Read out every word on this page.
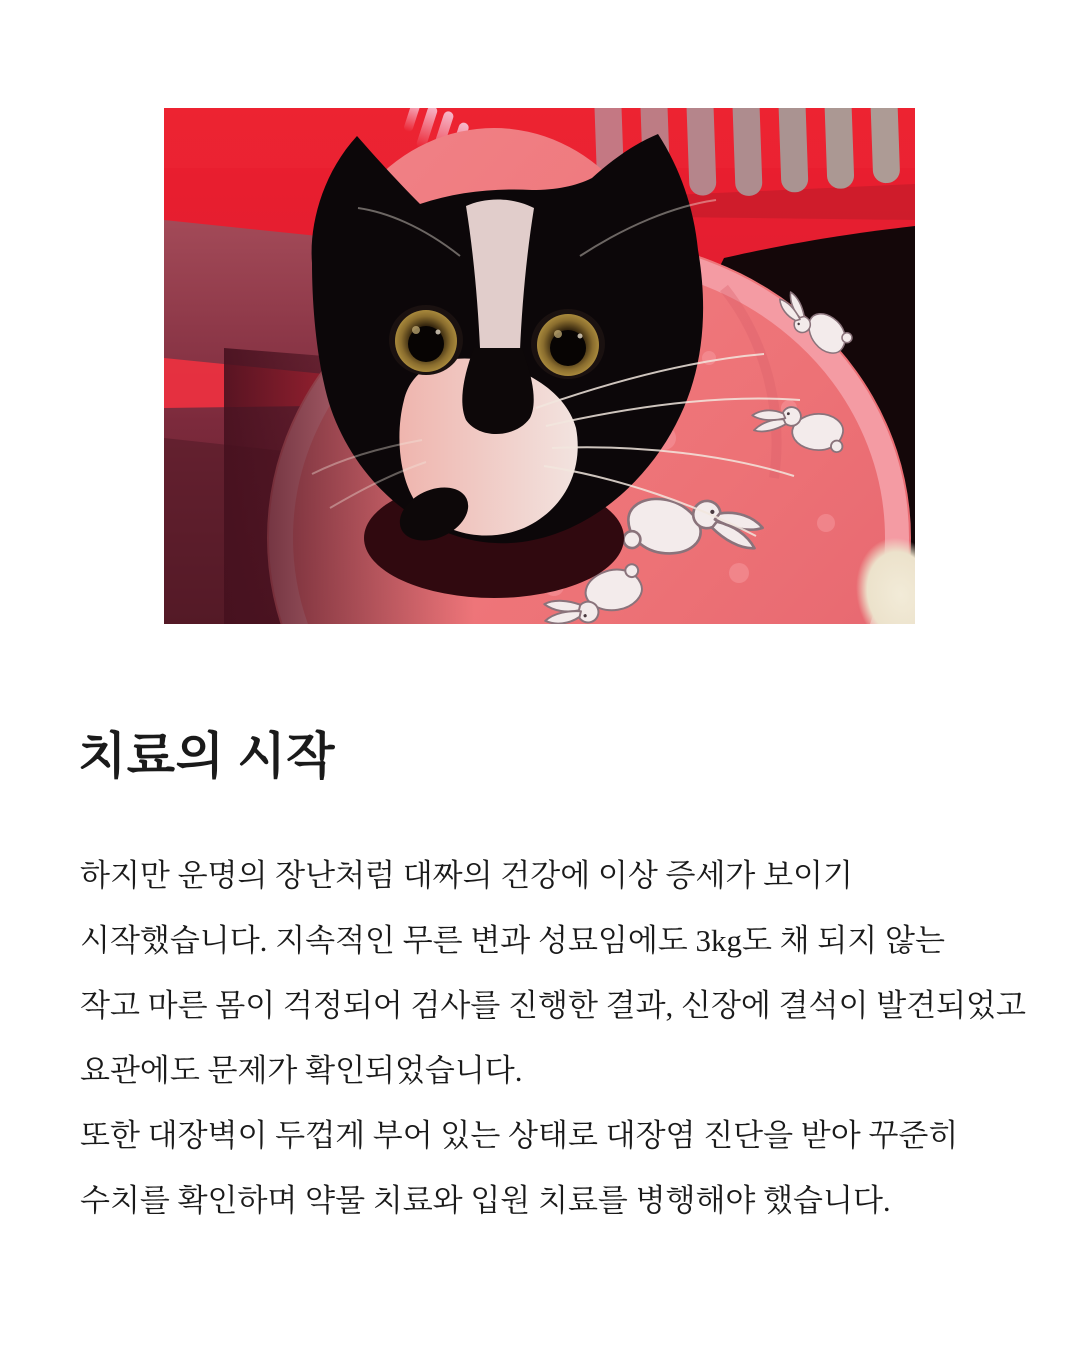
치료의 시작
하지만 운명의 장난처럼 대짜의 건강에 이상 증세가 보이기
시작했습니다. 지속적인 무른 변과 성묘임에도 3kg도 채 되지 않는
작고 마른 몸이 걱정되어 검사를 진행한 결과, 신장에 결석이 발견되었고
요관에도 문제가 확인되었습니다.
또한 대장벽이 두껍게 부어 있는 상태로 대장염 진단을 받아 꾸준히
수치를 확인하며 약물 치료와 입원 치료를 병행해야 했습니다.
